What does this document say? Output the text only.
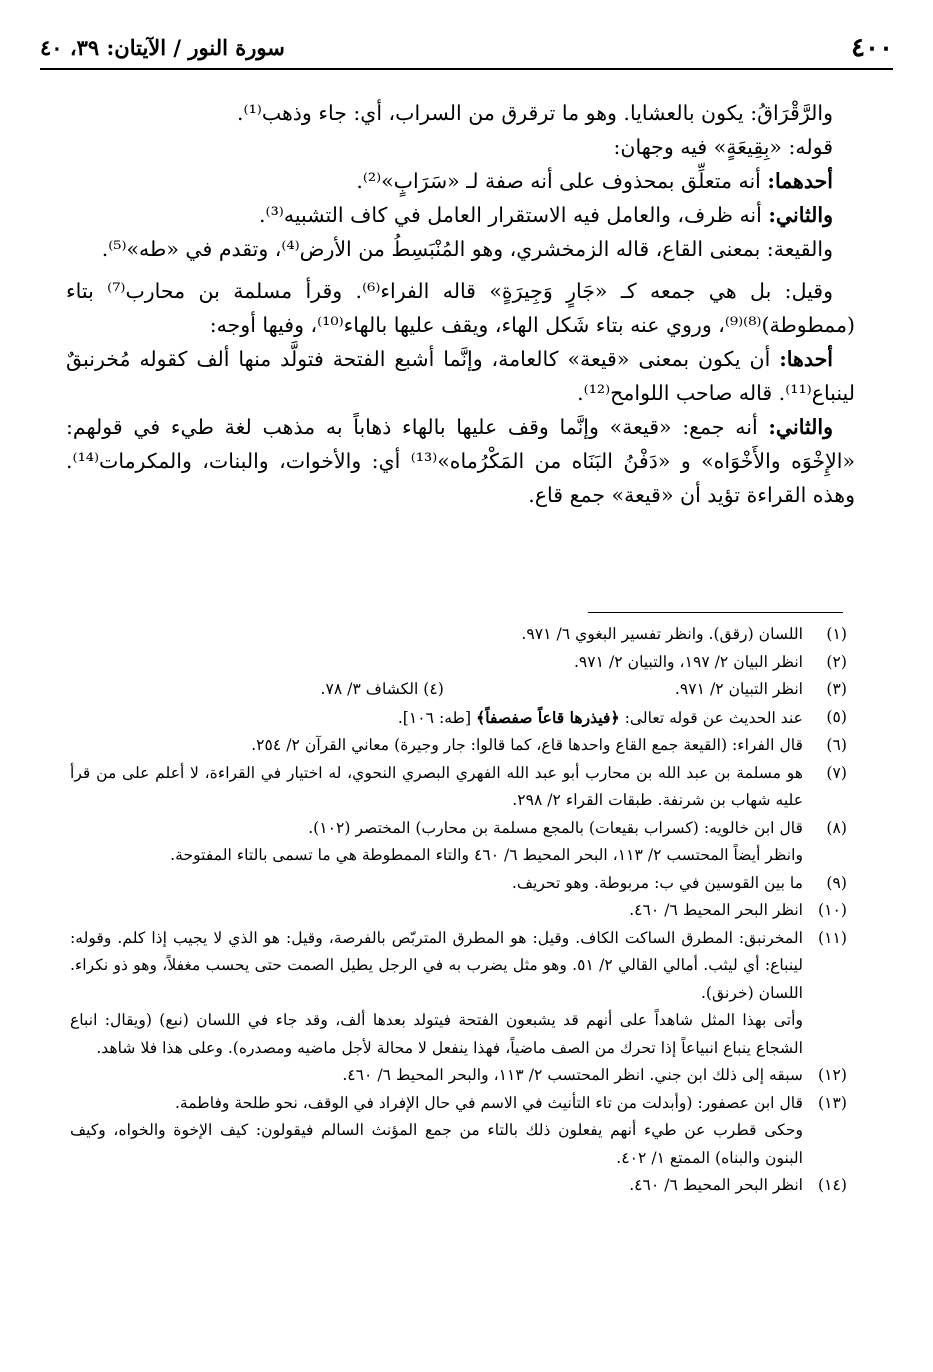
٤٠٠
سورة النور / الآيتان: ٣٩، ٤٠

والرَّقْرَاقُ: يكون بالعشايا. وهو ما ترقرق من السراب، أي: جاء وذهب⁽¹⁾.

قوله: «بِقِيعَةٍ» فيه وجهان:

أحدهما: أنه متعلِّق بمحذوف على أنه صفة لـ «سَرَابٍ»⁽²⁾.

والثاني: أنه ظرف، والعامل فيه الاستقرار العامل في كاف التشبيه⁽³⁾.

والقيعة: بمعنى القاع، قاله الزمخشري، وهو المُنْبَسِطُ من الأرض⁽⁴⁾، وتقدم في «طه»⁽⁵⁾.

وقيل: بل هي جمعه كـ «جَارٍ وَجِيرَةٍ» قاله الفراء⁽⁶⁾. وقرأ مسلمة بن محارب⁽⁷⁾ بتاء (ممطوطة)⁽⁸⁾⁽⁹⁾، وروي عنه بتاء شَكل الهاء، ويقف عليها بالهاء⁽¹⁰⁾، وفيها أوجه:

أحدها: أن يكون بمعنى «قيعة» كالعامة، وإنَّما أشبع الفتحة فتولَّد منها ألف كقوله مُخرنبقٌ لينباع⁽¹¹⁾. قاله صاحب اللوامح⁽¹²⁾.

والثاني: أنه جمع: «قيعة» وإنَّما وقف عليها بالهاء ذهاباً به مذهب لغة طيء في قولهم: «الإِخْوَه والأَخْوَاه» و «دَفْنُ البَنَاه من المَكْرُماه»⁽¹³⁾ أي: والأخوات، والبنات، والمكرمات⁽¹⁴⁾. وهذه القراءة تؤيد أن «قيعة» جمع قاع.

(١)
اللسان (رقق). وانظر تفسير البغوي ٦/ ٩٧١.
(٢)
انظر البيان ٢/ ١٩٧، والتبيان ٢/ ٩٧١.
(٣)
انظر التبيان ٢/ ٩٧١.
(٤) الكشاف ٣/ ٧٨.
(٥)
عند الحديث عن قوله تعالى: ﴿فيذرها قاعاً صفصفاً﴾ [طه: ١٠٦].
(٦)
قال الفراء: (القيعة جمع القاع واحدها قاع، كما قالوا: جار وجيرة) معاني القرآن ٢/ ٢٥٤.
(٧)
هو مسلمة بن عبد الله بن محارب أبو عبد الله الفهري البصري النحوي، له اختيار في القراءة، لا أعلم على من قرأ عليه شهاب بن شرنفة. طبقات القراء ٢/ ٢٩٨.
(٨)

قال ابن خالويه: (كسراب بقيعات) بالمجع مسلمة بن محارب) المختصر (١٠٢).

وانظر أيضاً المحتسب ٢/ ١١٣، البحر المحيط ٦/ ٤٦٠ والتاء الممطوطة هي ما تسمى بالتاء المفتوحة.

(٩)
ما بين القوسين في ب: مربوطة. وهو تحريف.
(١٠)
انظر البحر المحيط ٦/ ٤٦٠.
(١١)

المخرنبق: المطرق الساكت الكاف. وقيل: هو المطرق المتربّص بالفرصة، وقيل: هو الذي لا يجيب إذا كلم. وقوله: لينباع: أي ليثب. أمالي القالي ٢/ ٥١. وهو مثل يضرب به في الرجل يطيل الصمت حتى يحسب مغفلاً، وهو ذو نكراء. اللسان (خرنق).

وأتى بهذا المثل شاهداً على أنهم قد يشبعون الفتحة فيتولد بعدها ألف، وقد جاء في اللسان (نبع) (ويقال: انباع الشجاع ينباع انبياعاً إذا تحرك من الصف ماضياً، فهذا ينفعل لا محالة لأجل ماضيه ومصدره). وعلى هذا فلا شاهد.

(١٢)
سبقه إلى ذلك ابن جني. انظر المحتسب ٢/ ١١٣، والبحر المحيط ٦/ ٤٦٠.
(١٣)

قال ابن عصفور: (وأبدلت من تاء التأنيث في الاسم في حال الإفراد في الوقف، نحو طلحة وفاطمة.

وحكى قطرب عن طيء أنهم يفعلون ذلك بالتاء من جمع المؤنث السالم فيقولون: كيف الإخوة والخواه، وكيف البنون والبناه) الممتع ١/ ٤٠٢.

(١٤)
انظر البحر المحيط ٦/ ٤٦٠.
